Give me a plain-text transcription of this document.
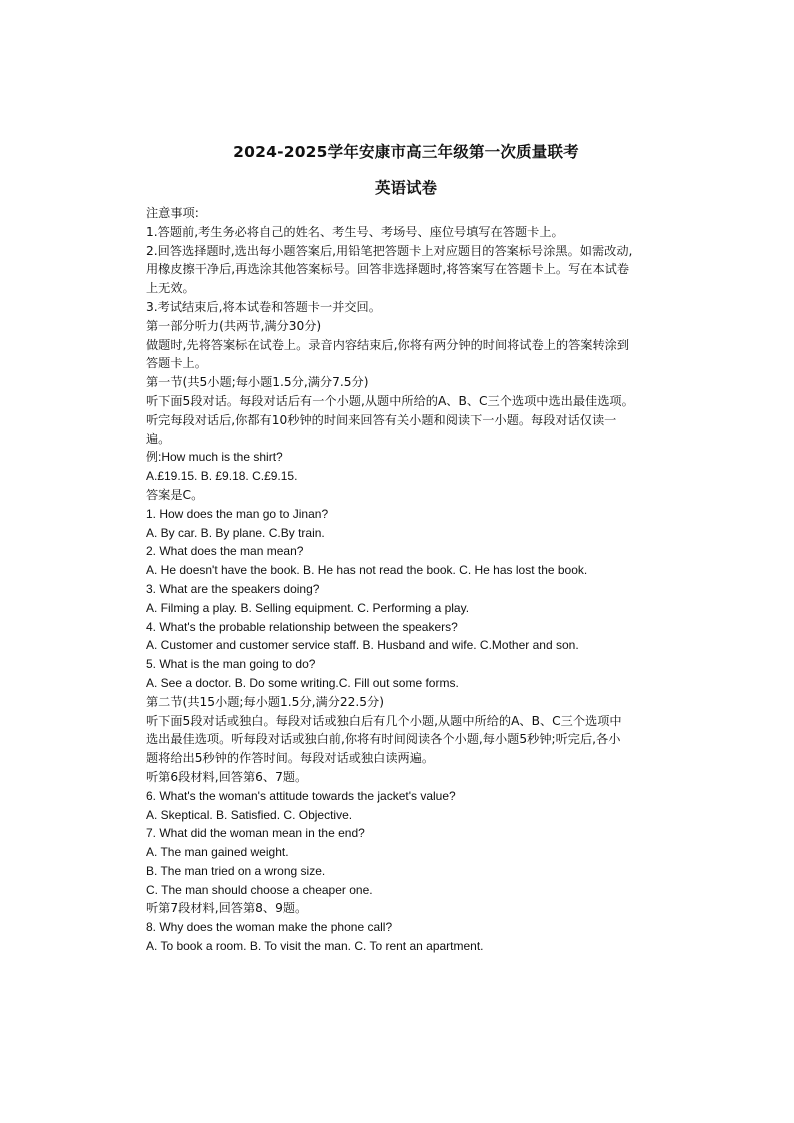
2024-2025学年安康市高三年级第一次质量联考
英语试卷
注意事项:
1.答题前,考生务必将自己的姓名、考生号、考场号、座位号填写在答题卡上。
2.回答选择题时,选出每小题答案后,用铅笔把答题卡上对应题目的答案标号涂黑。如需改动,
用橡皮擦干净后,再选涂其他答案标号。回答非选择题时,将答案写在答题卡上。写在本试卷
上无效。
3.考试结束后,将本试卷和答题卡一并交回。
第一部分听力(共两节,满分30分)
做题时,先将答案标在试卷上。录音内容结束后,你将有两分钟的时间将试卷上的答案转涂到
答题卡上。
第一节(共5小题;每小题1.5分,满分7.5分)
听下面5段对话。每段对话后有一个小题,从题中所给的A、B、C三个选项中选出最佳选项。
听完每段对话后,你都有10秒钟的时间来回答有关小题和阅读下一小题。每段对话仅读一
遍。
例:How much is the shirt?
A.£19.15. B. £9.18. C.£9.15.
答案是C。
1. How does the man go to Jinan?
A. By car. B. By plane. C.By train.
2. What does the man mean?
A. He doesn't have the book. B. He has not read the book. C. He has lost the book.
3. What are the speakers doing?
A. Filming a play. B. Selling equipment. C. Performing a play.
4. What's the probable relationship between the speakers?
A. Customer and customer service staff. B. Husband and wife. C.Mother and son.
5. What is the man going to do?
A. See a doctor. B. Do some writing.C. Fill out some forms.
第二节(共15小题;每小题1.5分,满分22.5分)
听下面5段对话或独白。每段对话或独白后有几个小题,从题中所给的A、B、C三个选项中
选出最佳选项。听每段对话或独白前,你将有时间阅读各个小题,每小题5秒钟;听完后,各小
题将给出5秒钟的作答时间。每段对话或独白读两遍。
听第6段材料,回答第6、7题。
6. What's the woman's attitude towards the jacket's value?
A. Skeptical. B. Satisfied. C. Objective.
7. What did the woman mean in the end?
A. The man gained weight.
B. The man tried on a wrong size.
C. The man should choose a cheaper one.
听第7段材料,回答第8、9题。
8. Why does the woman make the phone call?
A. To book a room. B. To visit the man. C. To rent an apartment.
